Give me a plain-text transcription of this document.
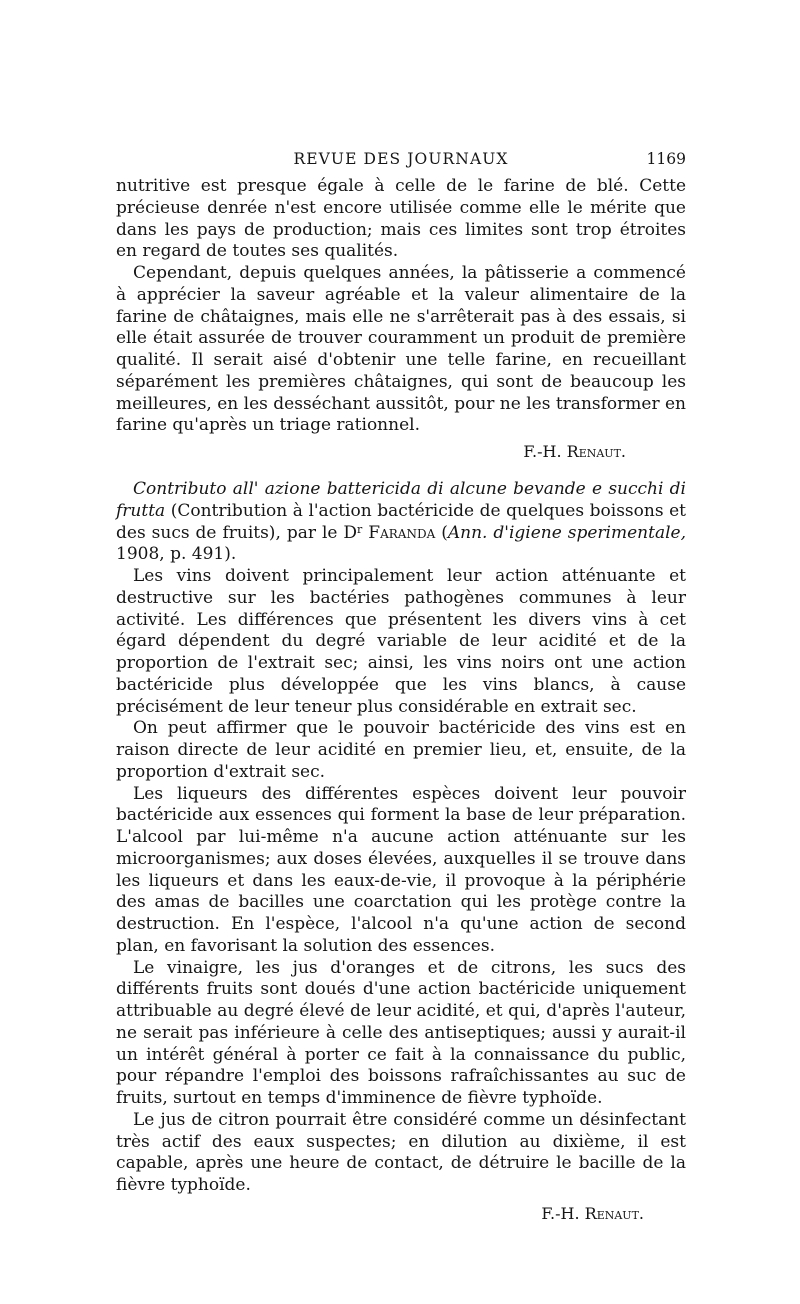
REVUE DES JOURNAUX	1169

nutritive est presque égale à celle de le farine de blé. Cette précieuse denrée n'est encore utilisée comme elle le mérite que dans les pays de production; mais ces limites sont trop étroites en regard de toutes ses qualités.

Cependant, depuis quelques années, la pâtisserie a commencé à apprécier la saveur agréable et la valeur alimentaire de la farine de châtaignes, mais elle ne s'arrêterait pas à des essais, si elle était assurée de trouver couramment un produit de première qualité. Il serait aisé d'obtenir une telle farine, en recueillant séparément les premières châtaignes, qui sont de beaucoup les meilleures, en les desséchant aussitôt, pour ne les transformer en farine qu'après un triage rationnel.

F.-H. Renaut.

Contributo all' azione battericida di alcune bevande e succhi di frutta (Contribution à l'action bactéricide de quelques boissons et des sucs de fruits), par le $D^r$ Faranda (Ann. d'igiene sperimentale, 1908, p. 491).

Les vins doivent principalement leur action atténuante et destructive sur les bactéries pathogènes communes à leur activité. Les différences que présentent les divers vins à cet égard dépendent du degré variable de leur acidité et de la proportion de l'extrait sec; ainsi, les vins noirs ont une action bactéricide plus développée que les vins blancs, à cause précisément de leur teneur plus considérable en extrait sec.

On peut affirmer que le pouvoir bactéricide des vins est en raison directe de leur acidité en premier lieu, et, ensuite, de la proportion d'extrait sec.

Les liqueurs des différentes espèces doivent leur pouvoir bactéricide aux essences qui forment la base de leur préparation. L'alcool par lui-même n'a aucune action atténuante sur les microorganismes; aux doses élevées, auxquelles il se trouve dans les liqueurs et dans les eaux-de-vie, il provoque à la périphérie des amas de bacilles une coarctation qui les protège contre la destruction. En l'espèce, l'alcool n'a qu'une action de second plan, en favorisant la solution des essences.

Le vinaigre, les jus d'oranges et de citrons, les sucs des différents fruits sont doués d'une action bactéricide uniquement attribuable au degré élevé de leur acidité, et qui, d'après l'auteur, ne serait pas inférieure à celle des antiseptiques; aussi y aurait-il un intérêt général à porter ce fait à la connaissance du public, pour répandre l'emploi des boissons rafraîchissantes au suc de fruits, surtout en temps d'imminence de fièvre typhoïde.

Le jus de citron pourrait être considéré comme un désinfectant très actif des eaux suspectes; en dilution au dixième, il est capable, après une heure de contact, de détruire le bacille de la fièvre typhoïde.

F.-H. Renaut.
